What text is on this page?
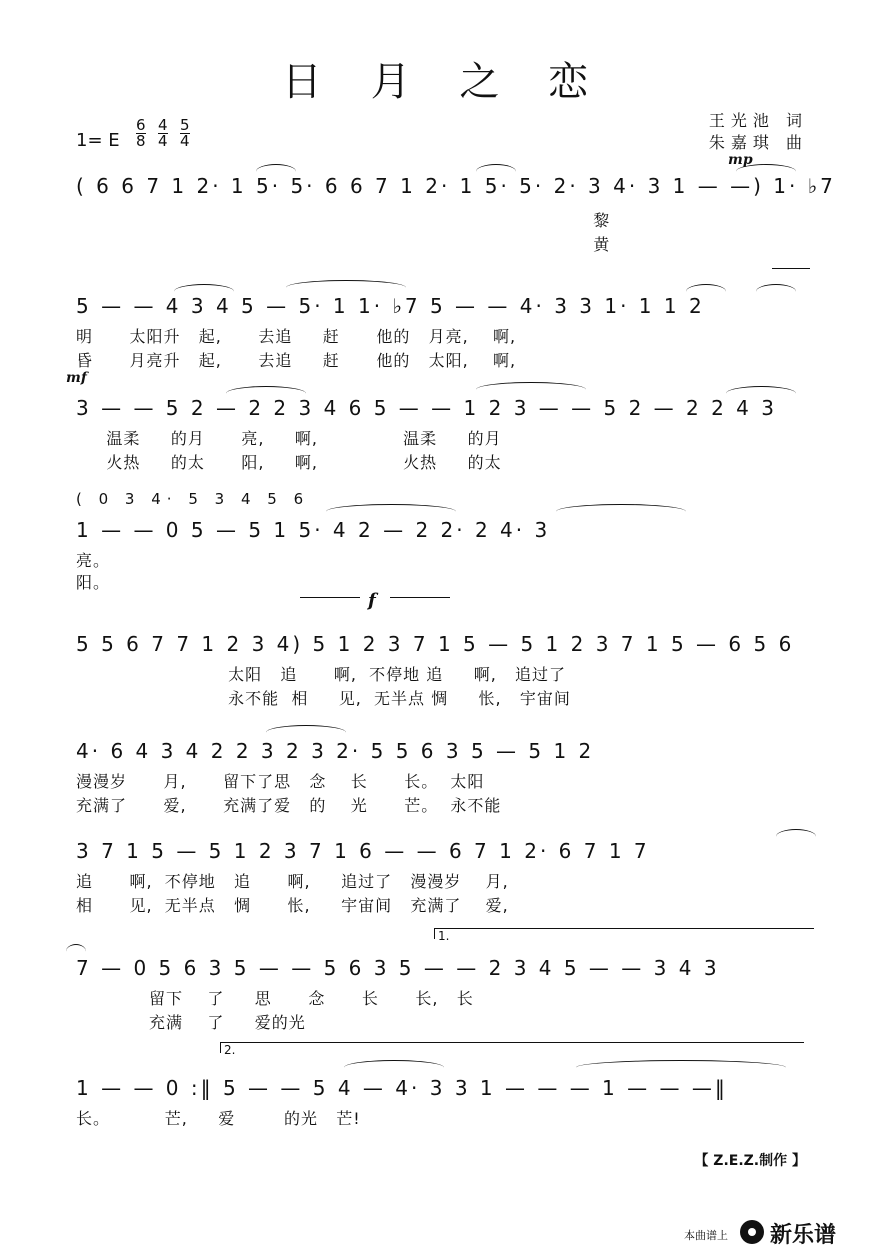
日 月 之 恋
王光池 词
朱嘉琪 曲
1= E
6
8
4
4
5
4
mp
mf
f
( 6 6 7 1 2· 1 5· 5· 6 6 7 1 2· 1 5· 5· 2· 3 4· 3 1 — —) 1· ♭7
黎
黄
5 — — 4 3 4 5 — 5· 1 1· ♭7 5 — — 4· 3 3 1· 1 1 2
明      太阳升   起,      去追     赶      他的   月亮,    啊,
昏      月亮升   起,      去追     赶      他的   太阳,    啊,
3 — — 5 2 — 2 2 3 4 6 5 — — 1 2 3 — — 5 2 — 2 2 4 3
温柔     的月      亮,     啊,              温柔     的月
火热     的太      阳,     啊,              火热     的太
( 0 3 4· 5 3 4 5 6
1 — — 0 5 — 5 1 5· 4 2 — 2 2· 2 4· 3
亮。
阳。
5 5 6 7 7 1 2 3 4) 5 1 2 3 7 1 5 — 5 1 2 3 7 1 5 — 6 5 6
太阳   追      啊,  不停地 追     啊,   追过了
永不能  相     见,  无半点 惆     怅,   宇宙间
4· 6 4 3 4 2 2 3 2 3 2· 5 5 6 3 5 — 5 1 2
漫漫岁      月,      留下了思   念    长      长。  太阳
充满了      爱,      充满了爱   的    光      芒。  永不能
3 7 1 5 — 5 1 2 3 7 1 6 — — 6 7 1 2· 6 7 1 7
追      啊,  不停地   追      啊,     追过了   漫漫岁    月,
相      见,  无半点   惆      怅,     宇宙间   充满了    爱,
1.
7 — 0 5 6 3 5 — — 5 6 3 5 — — 2 3 4 5 — — 3 4 3
留下    了     思      念      长      长,   长
充满    了     爱的光
2.
1 — — 0 :‖ 5 — — 5 4 — 4· 3 3 1 — — — 1 — — —‖
长。         芒,     爱        的光   芒!
【 Z.E.Z.制作 】
本曲谱上 新乐谱
